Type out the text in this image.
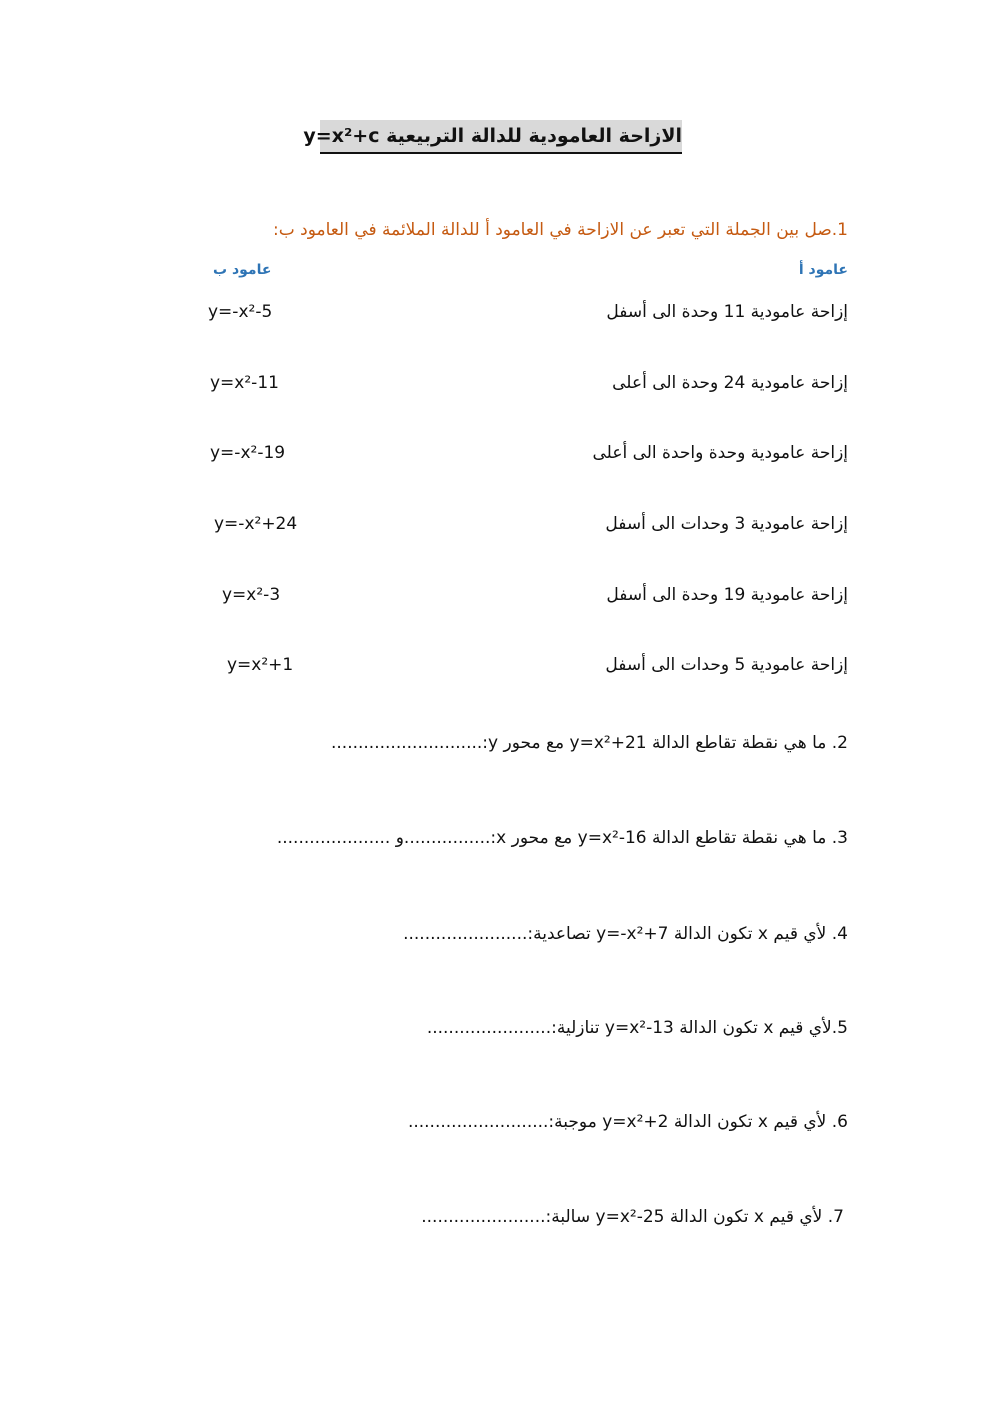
الازاحة العامودية للدالة التربيعية y=x²+c
1.صل بين الجملة التي تعبر عن الازاحة في العامود أ للدالة الملائمة في العامود ب:
عامود أ
عامود ب
إزاحة عامودية 11 وحدة الى أسفل
إزاحة عامودية 24 وحدة الى أعلى
إزاحة عامودية وحدة واحدة الى أعلى
إزاحة عامودية 3 وحدات الى أسفل
إزاحة عامودية 19 وحدة الى أسفل
إزاحة عامودية 5 وحدات الى أسفل
y=-x²-5
y=x²-11
y=-x²-19
y=-x²+24
y=x²-3
y=x²+1
2. ما هي نقطة تقاطع الدالة y=x²+21 مع محور y:............................
3. ما هي نقطة تقاطع الدالة y=x²-16 مع محور x:................و .....................
4. لأي قيم x تكون الدالة y=-x²+7 تصاعدية:.......................
5.لأي قيم x تكون الدالة y=x²-13 تنازلية:.......................
6. لأي قيم x تكون الدالة y=x²+2 موجبة:..........................
7. لأي قيم x تكون الدالة y=x²-25 سالبة:.......................
